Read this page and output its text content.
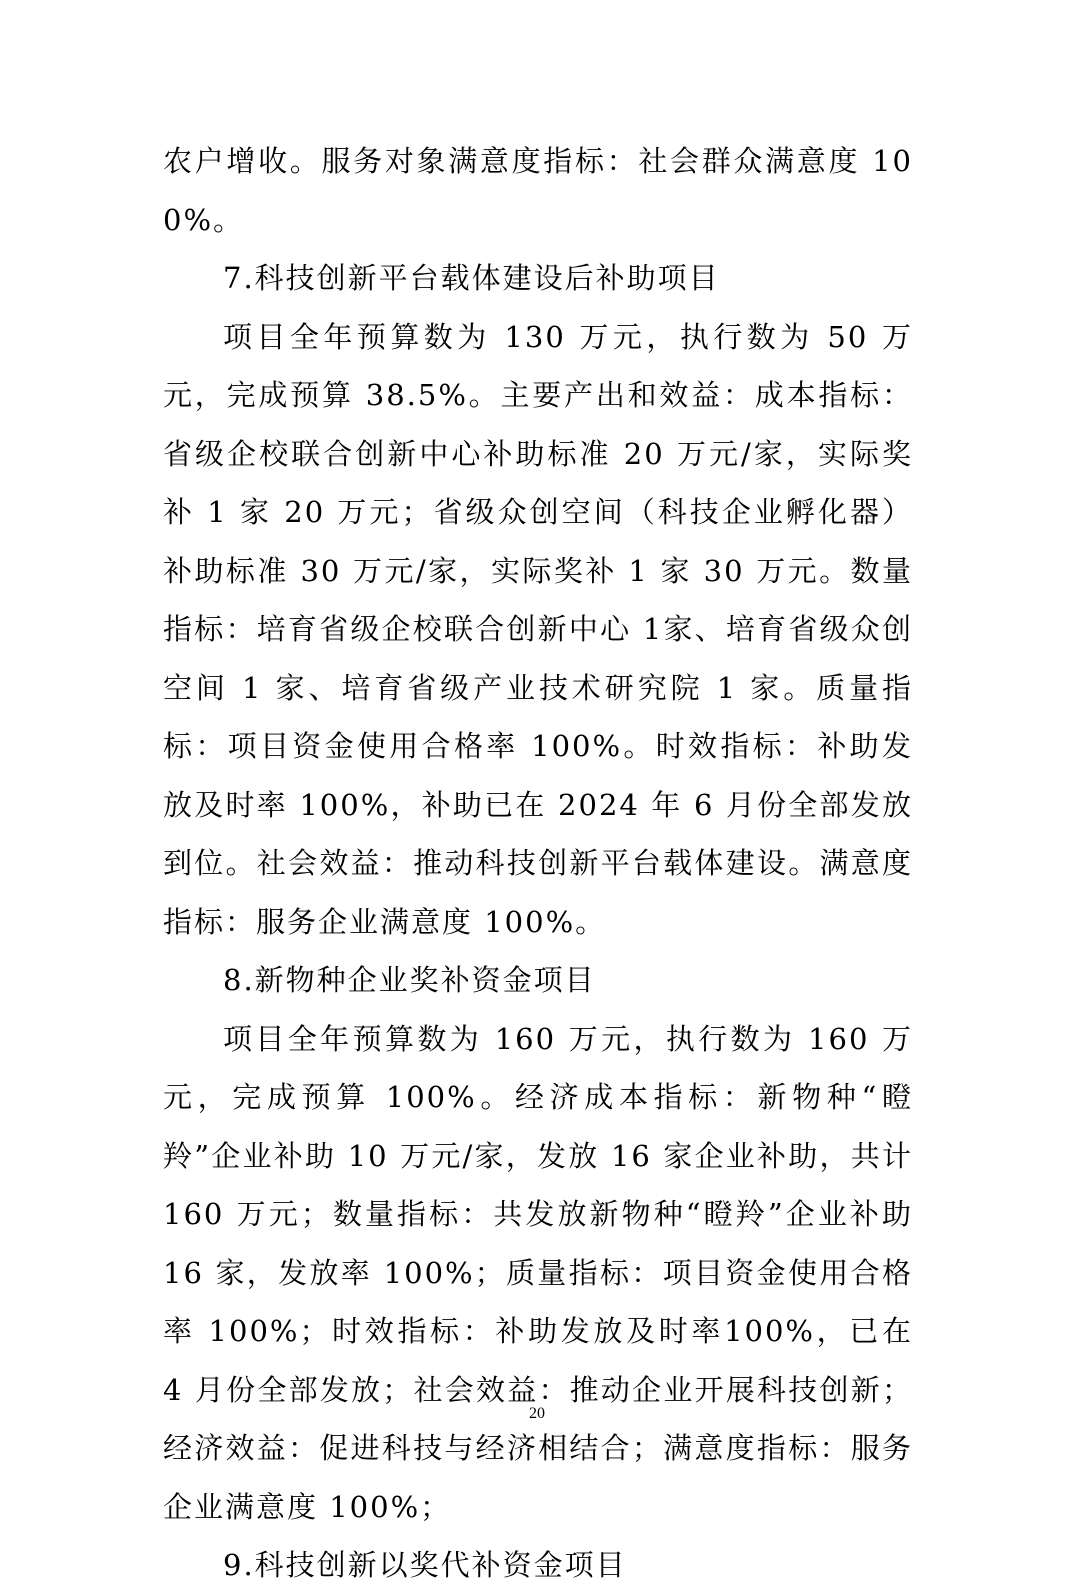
农户增收。服务对象满意度指标：社会群众满意度 100%。

7.科技创新平台载体建设后补助项目

项目全年预算数为 130 万元，执行数为 50 万元，完成预算 38.5%。主要产出和效益：成本指标：省级企校联合创新中心补助标准 20 万元/家，实际奖补 1 家 20 万元；省级众创空间（科技企业孵化器）补助标准 30 万元/家，实际奖补 1 家 30 万元。数量指标：培育省级企校联合创新中心 1家、培育省级众创空间 1 家、培育省级产业技术研究院 1 家。质量指标：项目资金使用合格率 100%。时效指标：补助发放及时率 100%，补助已在 2024 年 6 月份全部发放到位。社会效益：推动科技创新平台载体建设。满意度指标：服务企业满意度 100%。

8.新物种企业奖补资金项目

项目全年预算数为 160 万元，执行数为 160 万元，完成预算 100%。经济成本指标：新物种“瞪羚”企业补助 10 万元/家，发放 16 家企业补助，共计 160 万元；数量指标：共发放新物种“瞪羚”企业补助 16 家，发放率 100%；质量指标：项目资金使用合格率 100%；时效指标：补助发放及时率100%，已在 4 月份全部发放；社会效益：推动企业开展科技创新；经济效益：促进科技与经济相结合；满意度指标：服务企业满意度 100%；

9.科技创新以奖代补资金项目

20
